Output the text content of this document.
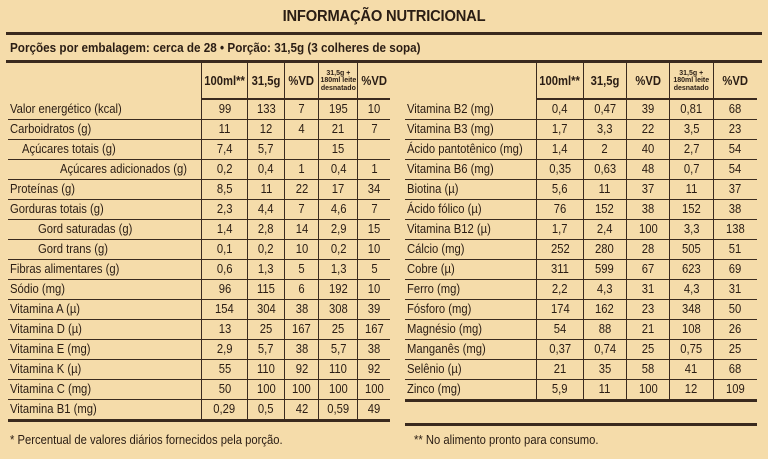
INFORMAÇÃO NUTRICIONAL
Porções por embalagem: cerca de 28 • Porção: 31,5g (3 colheres de sopa)
	100ml**	31,5g	%VD	31,5g +
180ml leite
desnatado	%VD
Valor energético (kcal)	99	133	7	195	10
Carboidratos (g)	11	12	4	21	7
Açúcares totais (g)	7,4	5,7		15	
Açúcares adicionados (g)	0,2	0,4	1	0,4	1
Proteínas (g)	8,5	11	22	17	34
Gorduras totais (g)	2,3	4,4	7	4,6	7
Gord saturadas (g)	1,4	2,8	14	2,9	15
Gord trans (g)	0,1	0,2	10	0,2	10
Fibras alimentares (g)	0,6	1,3	5	1,3	5
Sódio (mg)	96	115	6	192	10
Vitamina A (µ)	154	304	38	308	39
Vitamina D (µ)	13	25	167	25	167
Vitamina E (mg)	2,9	5,7	38	5,7	38
Vitamina K (µ)	55	110	92	110	92
Vitamina C (mg)	50	100	100	100	100
Vitamina B1 (mg)	0,29	0,5	42	0,59	49
	100ml**	31,5g	%VD	31,5g +
180ml leite
desnatado	%VD
Vitamina B2 (mg)	0,4	0,47	39	0,81	68
Vitamina B3 (mg)	1,7	3,3	22	3,5	23
Ácido pantotênico (mg)	1,4	2	40	2,7	54
Vitamina B6 (mg)	0,35	0,63	48	0,7	54
Biotina (µ)	5,6	11	37	11	37
Ácido fólico (µ)	76	152	38	152	38
Vitamina B12 (µ)	1,7	2,4	100	3,3	138
Cálcio (mg)	252	280	28	505	51
Cobre (µ)	311	599	67	623	69
Ferro (mg)	2,2	4,3	31	4,3	31
Fósforo (mg)	174	162	23	348	50
Magnésio (mg)	54	88	21	108	26
Manganês (mg)	0,37	0,74	25	0,75	25
Selênio (µ)	21	35	58	41	68
Zinco (mg)	5,9	11	100	12	109
* Percentual de valores diários fornecidos pela porção.	** No alimento pronto para consumo.
